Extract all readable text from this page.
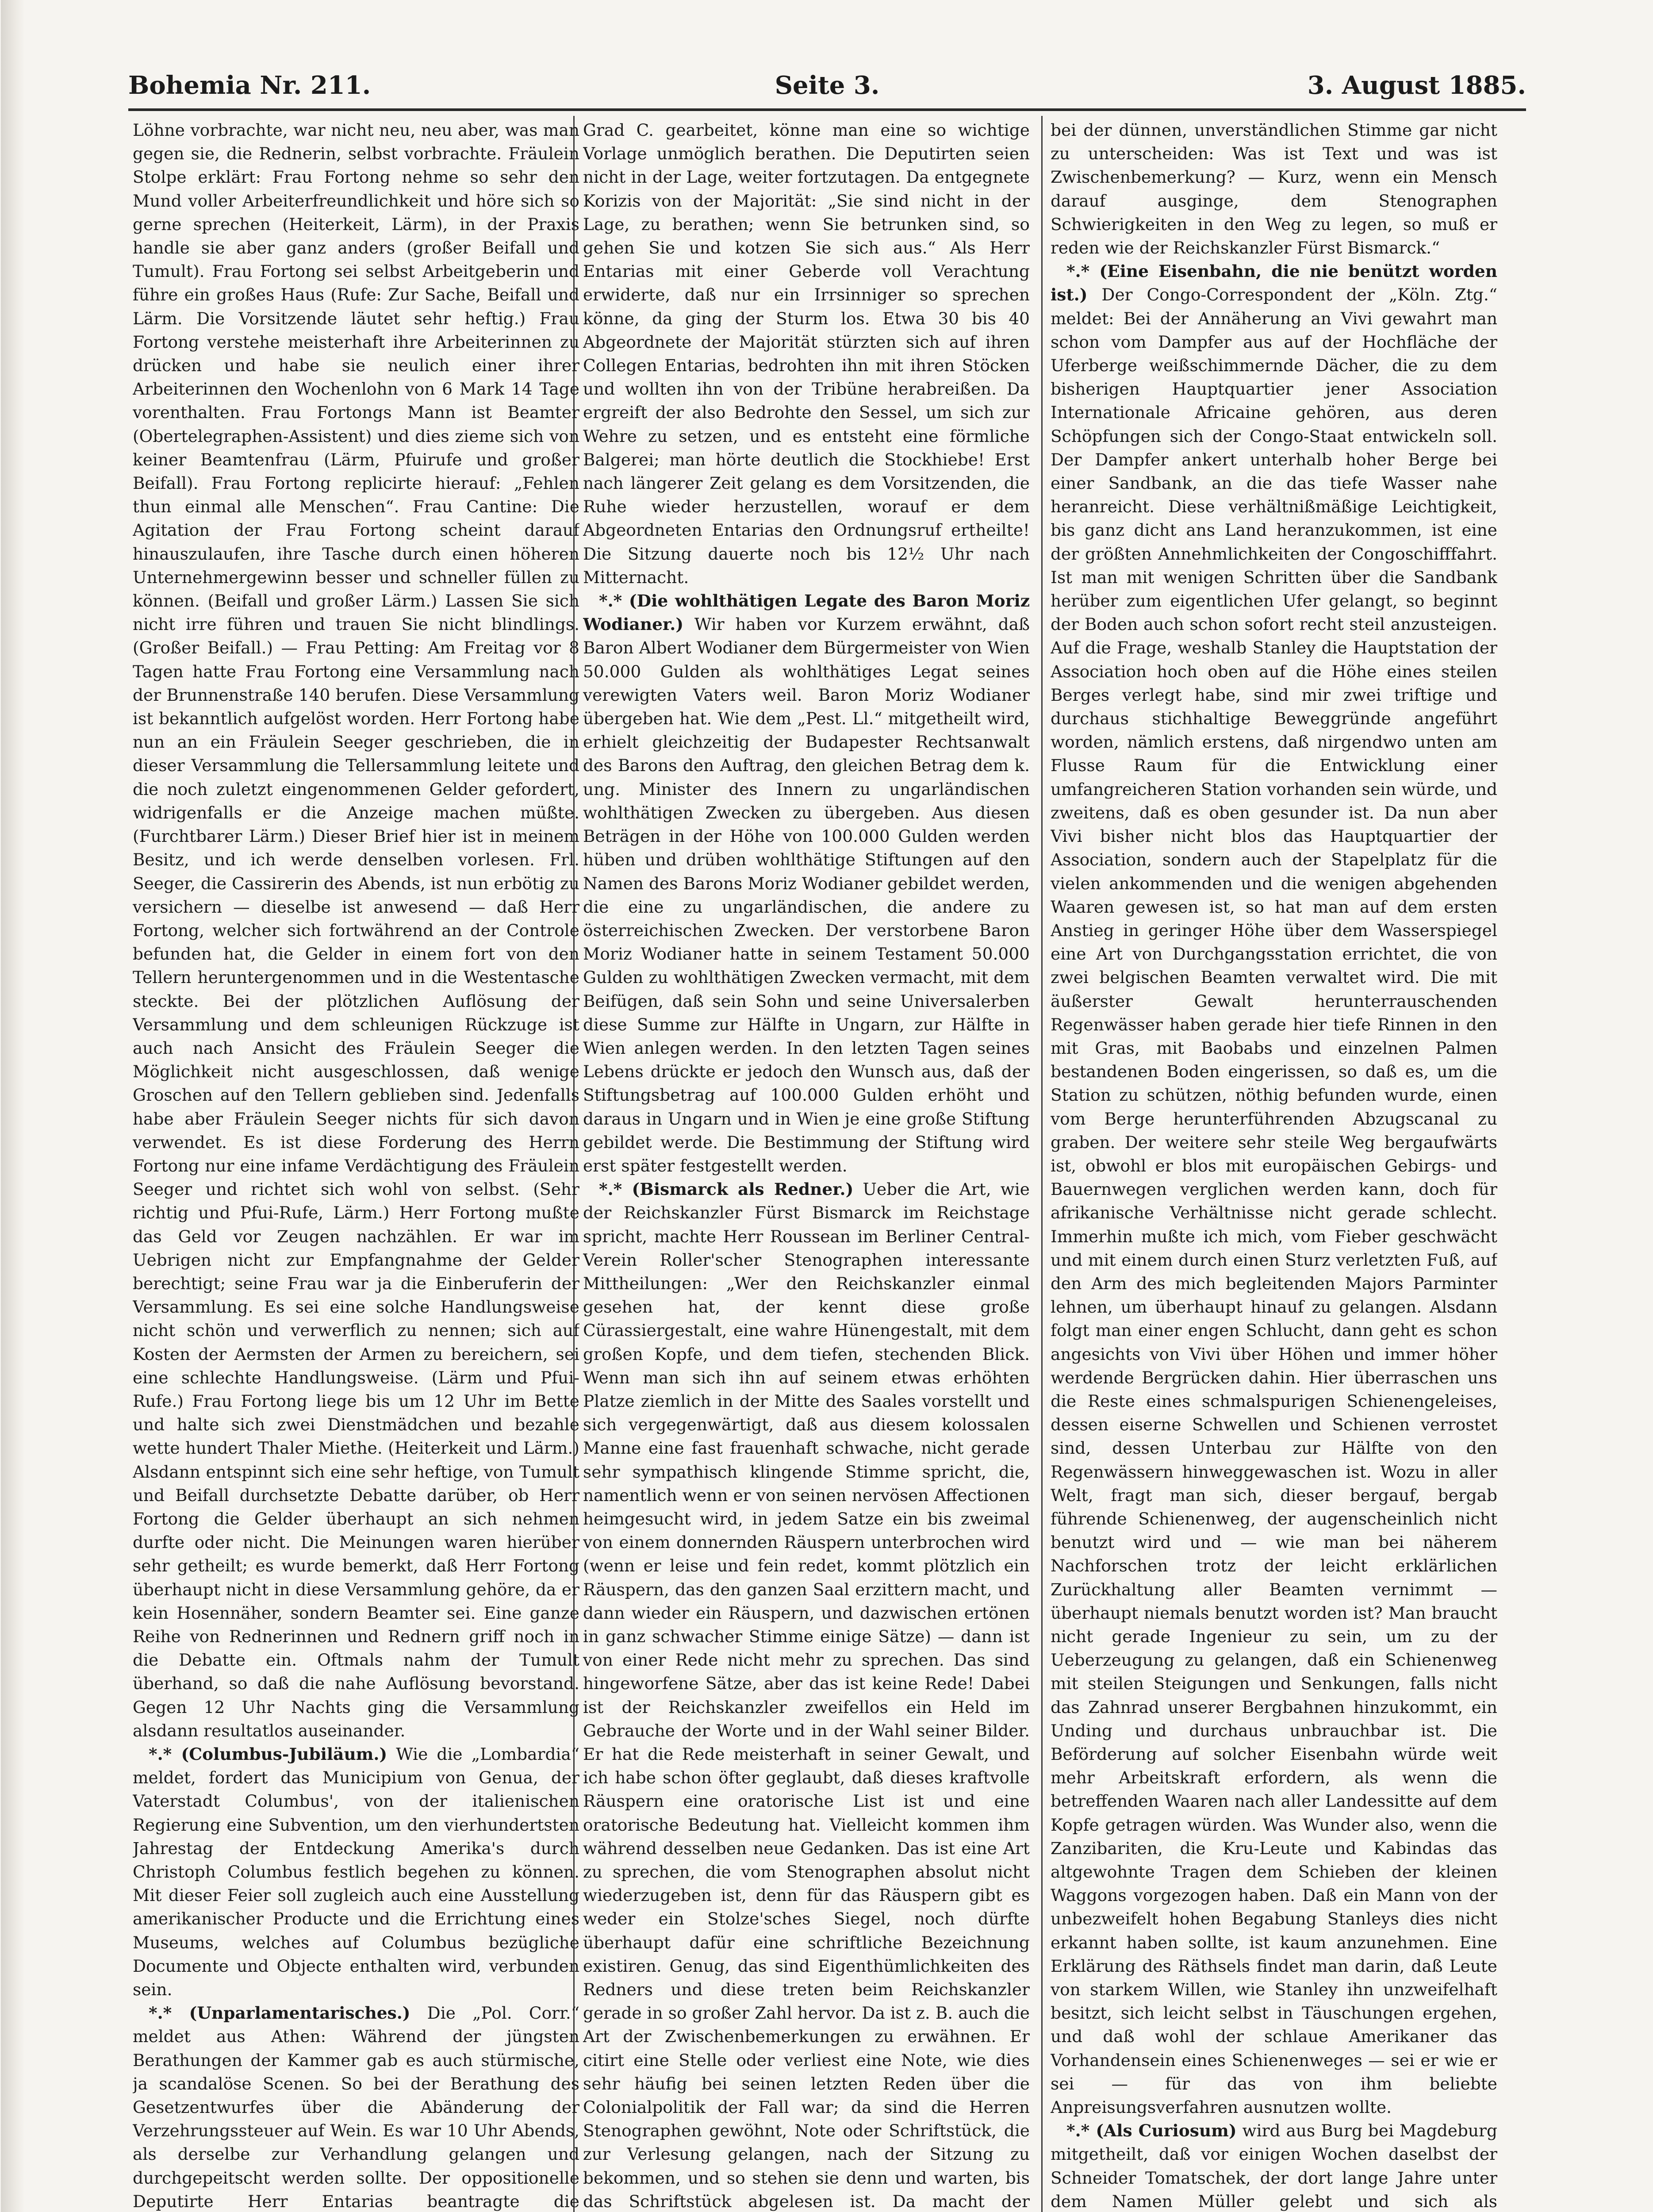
Bohemia Nr. 211.	Seite 3.	3. August 1885.

Löhne vorbrachte, war nicht neu, neu aber, was man gegen sie, die Rednerin, selbst vorbrachte. Fräulein Stolpe erklärt: Frau Fortong nehme so sehr den Mund voller Arbeiterfreundlichkeit und höre sich so gerne sprechen (Heiterkeit, Lärm), in der Praxis handle sie aber ganz anders (großer Beifall und Tumult). Frau Fortong sei selbst Arbeitgeberin und führe ein großes Haus (Rufe: Zur Sache, Beifall und Lärm. Die Vorsitzende läutet sehr heftig.) Frau Fortong verstehe meisterhaft ihre Arbeiterinnen zu drücken und habe sie neulich einer ihrer Arbeiterinnen den Wochenlohn von 6 Mark 14 Tage vorenthalten. Frau Fortongs Mann ist Beamter (Obertelegraphen-Assistent) und dies zieme sich von keiner Beamtenfrau (Lärm, Pfuirufe und großer Beifall). Frau Fortong replicirte hierauf: „Fehlen thun einmal alle Menschen“. Frau Cantine: Die Agitation der Frau Fortong scheint darauf hinauszulaufen, ihre Tasche durch einen höheren Unternehmergewinn besser und schneller füllen zu können. (Beifall und großer Lärm.) Lassen Sie sich nicht irre führen und trauen Sie nicht blindlings. (Großer Beifall.) — Frau Petting: Am Freitag vor 8 Tagen hatte Frau Fortong eine Versammlung nach der Brunnenstraße 140 berufen. Diese Versammlung ist bekanntlich aufgelöst worden. Herr Fortong habe nun an ein Fräulein Seeger geschrieben, die in dieser Versammlung die Tellersammlung leitete und die noch zuletzt eingenommenen Gelder gefordert, widrigenfalls er die Anzeige machen müßte. (Furchtbarer Lärm.) Dieser Brief hier ist in meinem Besitz, und ich werde denselben vorlesen. Frl. Seeger, die Cassirerin des Abends, ist nun erbötig zu versichern — dieselbe ist anwesend — daß Herr Fortong, welcher sich fortwährend an der Controle befunden hat, die Gelder in einem fort von den Tellern heruntergenommen und in die Westentasche steckte. Bei der plötzlichen Auflösung der Versammlung und dem schleunigen Rückzuge ist auch nach Ansicht des Fräulein Seeger die Möglichkeit nicht ausgeschlossen, daß wenige Groschen auf den Tellern geblieben sind. Jedenfalls habe aber Fräulein Seeger nichts für sich davon verwendet. Es ist diese Forderung des Herrn Fortong nur eine infame Verdächtigung des Fräulein Seeger und richtet sich wohl von selbst. (Sehr richtig und Pfui-Rufe, Lärm.) Herr Fortong mußte das Geld vor Zeugen nachzählen. Er war im Uebrigen nicht zur Empfangnahme der Gelder berechtigt; seine Frau war ja die Einberuferin der Versammlung. Es sei eine solche Handlungsweise nicht schön und verwerflich zu nennen; sich auf Kosten der Aermsten der Armen zu bereichern, sei eine schlechte Handlungsweise. (Lärm und Pfui-Rufe.) Frau Fortong liege bis um 12 Uhr im Bette und halte sich zwei Dienstmädchen und bezahle wette hundert Thaler Miethe. (Heiterkeit und Lärm.) Alsdann entspinnt sich eine sehr heftige, von Tumult und Beifall durchsetzte Debatte darüber, ob Herr Fortong die Gelder überhaupt an sich nehmen durfte oder nicht. Die Meinungen waren hierüber sehr getheilt; es wurde bemerkt, daß Herr Fortong überhaupt nicht in diese Versammlung gehöre, da er kein Hosennäher, sondern Beamter sei. Eine ganze Reihe von Rednerinnen und Rednern griff noch in die Debatte ein. Oftmals nahm der Tumult überhand, so daß die nahe Auflösung bevorstand. Gegen 12 Uhr Nachts ging die Versammlung alsdann resultatlos auseinander.

*.* (Columbus-Jubiläum.) Wie die „Lombardia“ meldet, fordert das Municipium von Genua, der Vaterstadt Columbus', von der italienischen Regierung eine Subvention, um den vierhundertsten Jahrestag der Entdeckung Amerika's durch Christoph Columbus festlich begehen zu können. Mit dieser Feier soll zugleich auch eine Ausstellung amerikanischer Producte und die Errichtung eines Museums, welches auf Columbus bezügliche Documente und Objecte enthalten wird, verbunden sein.

*.* (Unparlamentarisches.) Die „Pol. Corr.“ meldet aus Athen: Während der jüngsten Berathungen der Kammer gab es auch stürmische, ja scandalöse Scenen. So bei der Berathung des Gesetzentwurfes über die Abänderung der Verzehrungssteuer auf Wein. Es war 10 Uhr Abends, als derselbe zur Verhandlung gelangen und durchgepeitscht werden sollte. Der oppositionelle Deputirte Herr Entarias beantragte die

Grad C. gearbeitet, könne man eine so wichtige Vorlage unmöglich berathen. Die Deputirten seien nicht in der Lage, weiter fortzutagen. Da entgegnete Korizis von der Majorität: „Sie sind nicht in der Lage, zu berathen; wenn Sie betrunken sind, so gehen Sie und kotzen Sie sich aus.“ Als Herr Entarias mit einer Geberde voll Verachtung erwiderte, daß nur ein Irrsinniger so sprechen könne, da ging der Sturm los. Etwa 30 bis 40 Abgeordnete der Majorität stürzten sich auf ihren Collegen Entarias, bedrohten ihn mit ihren Stöcken und wollten ihn von der Tribüne herabreißen. Da ergreift der also Bedrohte den Sessel, um sich zur Wehre zu setzen, und es entsteht eine förmliche Balgerei; man hörte deutlich die Stockhiebe! Erst nach längerer Zeit gelang es dem Vorsitzenden, die Ruhe wieder herzustellen, worauf er dem Abgeordneten Entarias den Ordnungsruf ertheilte! Die Sitzung dauerte noch bis 12½ Uhr nach Mitternacht.

*.* (Die wohlthätigen Legate des Baron Moriz Wodianer.) Wir haben vor Kurzem erwähnt, daß Baron Albert Wodianer dem Bürgermeister von Wien 50.000 Gulden als wohlthätiges Legat seines verewigten Vaters weil. Baron Moriz Wodianer übergeben hat. Wie dem „Pest. Ll.“ mitgetheilt wird, erhielt gleichzeitig der Budapester Rechtsanwalt des Barons den Auftrag, den gleichen Betrag dem k. ung. Minister des Innern zu ungarländischen wohlthätigen Zwecken zu übergeben. Aus diesen Beträgen in der Höhe von 100.000 Gulden werden hüben und drüben wohlthätige Stiftungen auf den Namen des Barons Moriz Wodianer gebildet werden, die eine zu ungarländischen, die andere zu österreichischen Zwecken. Der verstorbene Baron Moriz Wodianer hatte in seinem Testament 50.000 Gulden zu wohlthätigen Zwecken vermacht, mit dem Beifügen, daß sein Sohn und seine Universalerben diese Summe zur Hälfte in Ungarn, zur Hälfte in Wien anlegen werden. In den letzten Tagen seines Lebens drückte er jedoch den Wunsch aus, daß der Stiftungsbetrag auf 100.000 Gulden erhöht und daraus in Ungarn und in Wien je eine große Stiftung gebildet werde. Die Bestimmung der Stiftung wird erst später festgestellt werden.

*.* (Bismarck als Redner.) Ueber die Art, wie der Reichskanzler Fürst Bismarck im Reichstage spricht, machte Herr Roussean im Berliner Central-Verein Roller'scher Stenographen interessante Mittheilungen: „Wer den Reichskanzler einmal gesehen hat, der kennt diese große Cürassiergestalt, eine wahre Hünengestalt, mit dem großen Kopfe, und dem tiefen, stechenden Blick. Wenn man sich ihn auf seinem etwas erhöhten Platze ziemlich in der Mitte des Saales vorstellt und sich vergegenwärtigt, daß aus diesem kolossalen Manne eine fast frauenhaft schwache, nicht gerade sehr sympathisch klingende Stimme spricht, die, namentlich wenn er von seinen nervösen Affectionen heimgesucht wird, in jedem Satze ein bis zweimal von einem donnernden Räuspern unterbrochen wird (wenn er leise und fein redet, kommt plötzlich ein Räuspern, das den ganzen Saal erzittern macht, und dann wieder ein Räuspern, und dazwischen ertönen in ganz schwacher Stimme einige Sätze) — dann ist von einer Rede nicht mehr zu sprechen. Das sind hingeworfene Sätze, aber das ist keine Rede! Dabei ist der Reichskanzler zweifellos ein Held im Gebrauche der Worte und in der Wahl seiner Bilder. Er hat die Rede meisterhaft in seiner Gewalt, und ich habe schon öfter geglaubt, daß dieses kraftvolle Räuspern eine oratorische List ist und eine oratorische Bedeutung hat. Vielleicht kommen ihm während desselben neue Gedanken. Das ist eine Art zu sprechen, die vom Stenographen absolut nicht wiederzugeben ist, denn für das Räuspern gibt es weder ein Stolze'sches Siegel, noch dürfte überhaupt dafür eine schriftliche Bezeichnung existiren. Genug, das sind Eigenthümlichkeiten des Redners und diese treten beim Reichskanzler gerade in so großer Zahl hervor. Da ist z. B. auch die Art der Zwischenbemerkungen zu erwähnen. Er citirt eine Stelle oder verliest eine Note, wie dies sehr häufig bei seinen letzten Reden über die Colonialpolitik der Fall war; da sind die Herren Stenographen gewöhnt, Note oder Schriftstück, die zur Verlesung gelangen, nach der Sitzung zu bekommen, und so stehen sie denn und warten, bis das Schriftstück abgelesen ist. Da macht der

bei der dünnen, unverständlichen Stimme gar nicht zu unterscheiden: Was ist Text und was ist Zwischenbemerkung? — Kurz, wenn ein Mensch darauf ausginge, dem Stenographen Schwierigkeiten in den Weg zu legen, so muß er reden wie der Reichskanzler Fürst Bismarck.“

*.* (Eine Eisenbahn, die nie benützt worden ist.) Der Congo-Correspondent der „Köln. Ztg.“ meldet: Bei der Annäherung an Vivi gewahrt man schon vom Dampfer aus auf der Hochfläche der Uferberge weißschimmernde Dächer, die zu dem bisherigen Hauptquartier jener Association Internationale Africaine gehören, aus deren Schöpfungen sich der Congo-Staat entwickeln soll. Der Dampfer ankert unterhalb hoher Berge bei einer Sandbank, an die das tiefe Wasser nahe heranreicht. Diese verhältnißmäßige Leichtigkeit, bis ganz dicht ans Land heranzukommen, ist eine der größten Annehmlichkeiten der Congoschifffahrt. Ist man mit wenigen Schritten über die Sandbank herüber zum eigentlichen Ufer gelangt, so beginnt der Boden auch schon sofort recht steil anzusteigen. Auf die Frage, weshalb Stanley die Hauptstation der Association hoch oben auf die Höhe eines steilen Berges verlegt habe, sind mir zwei triftige und durchaus stichhaltige Beweggründe angeführt worden, nämlich erstens, daß nirgendwo unten am Flusse Raum für die Entwicklung einer umfangreicheren Station vorhanden sein würde, und zweitens, daß es oben gesunder ist. Da nun aber Vivi bisher nicht blos das Hauptquartier der Association, sondern auch der Stapelplatz für die vielen ankommenden und die wenigen abgehenden Waaren gewesen ist, so hat man auf dem ersten Anstieg in geringer Höhe über dem Wasserspiegel eine Art von Durchgangsstation errichtet, die von zwei belgischen Beamten verwaltet wird. Die mit äußerster Gewalt herunterrauschenden Regenwässer haben gerade hier tiefe Rinnen in den mit Gras, mit Baobabs und einzelnen Palmen bestandenen Boden eingerissen, so daß es, um die Station zu schützen, nöthig befunden wurde, einen vom Berge herunterführenden Abzugscanal zu graben. Der weitere sehr steile Weg bergaufwärts ist, obwohl er blos mit europäischen Gebirgs- und Bauernwegen verglichen werden kann, doch für afrikanische Verhältnisse nicht gerade schlecht. Immerhin mußte ich mich, vom Fieber geschwächt und mit einem durch einen Sturz verletzten Fuß, auf den Arm des mich begleitenden Majors Parminter lehnen, um überhaupt hinauf zu gelangen. Alsdann folgt man einer engen Schlucht, dann geht es schon angesichts von Vivi über Höhen und immer höher werdende Bergrücken dahin. Hier überraschen uns die Reste eines schmalspurigen Schienengeleises, dessen eiserne Schwellen und Schienen verrostet sind, dessen Unterbau zur Hälfte von den Regenwässern hinweggewaschen ist. Wozu in aller Welt, fragt man sich, dieser bergauf, bergab führende Schienenweg, der augenscheinlich nicht benutzt wird und — wie man bei näherem Nachforschen trotz der leicht erklärlichen Zurückhaltung aller Beamten vernimmt — überhaupt niemals benutzt worden ist? Man braucht nicht gerade Ingenieur zu sein, um zu der Ueberzeugung zu gelangen, daß ein Schienenweg mit steilen Steigungen und Senkungen, falls nicht das Zahnrad unserer Bergbahnen hinzukommt, ein Unding und durchaus unbrauchbar ist. Die Beförderung auf solcher Eisenbahn würde weit mehr Arbeitskraft erfordern, als wenn die betreffenden Waaren nach aller Landessitte auf dem Kopfe getragen würden. Was Wunder also, wenn die Zanzibariten, die Kru-Leute und Kabindas das altgewohnte Tragen dem Schieben der kleinen Waggons vorgezogen haben. Daß ein Mann von der unbezweifelt hohen Begabung Stanleys dies nicht erkannt haben sollte, ist kaum anzunehmen. Eine Erklärung des Räthsels findet man darin, daß Leute von starkem Willen, wie Stanley ihn unzweifelhaft besitzt, sich leicht selbst in Täuschungen ergehen, und daß wohl der schlaue Amerikaner das Vorhandensein eines Schienenweges — sei er wie er sei — für das von ihm beliebte Anpreisungsverfahren ausnutzen wollte.

*.* (Als Curiosum) wird aus Burg bei Magdeburg mitgetheilt, daß vor einigen Wochen daselbst der Schneider Tomatschek, der dort lange Jahre unter dem Namen Müller gelebt und sich als
